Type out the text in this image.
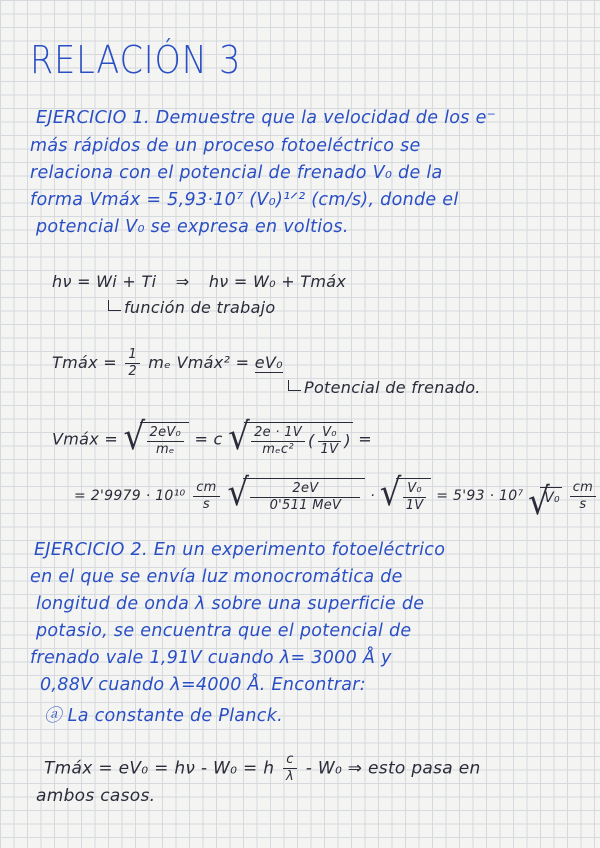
RELACIÓN 3
EJERCICIO 1. Demuestre que la velocidad de los e⁻
más rápidos de un proceso fotoeléctrico se
relaciona con el potencial de frenado V₀ de la
forma Vmáx = 5,93·10⁷ (V₀)¹ᐟ² (cm/s), donde el
potencial V₀ se expresa en voltios.
hν = Wi + Ti ⇒ hν = W₀ + Tmáx
función de trabajo
Tmáx = $\frac{1}{2}$ mₑ Vmáx² = eV₀
Potencial de frenado.
Vmáx = √ $\frac{\text{2eV₀}}{\text{mₑ}} = c$ √ $\frac{2e \cdot 1V}{\text{mₑc²}}$ ( $\frac{\text{V₀}}{1V}$ ) =
= $2'9979 \cdot 10^{10} \frac{cm}{s}$
√ $\frac{2eV}{\text{0'511 MeV}}$ · √ $\frac{\text{V₀}}{1V} = 5'93 \cdot 10^7$ √ $V_0 \frac{cm}{s}$
EJERCICIO 2. En un experimento fotoeléctrico
en el que se envía luz monocromática de
longitud de onda λ sobre una superficie de
potasio, se encuentra que el potencial de
frenado vale 1,91V cuando λ= 3000 Å y
0,88V cuando λ=4000 Å. Encontrar:
ⓐ La constante de Planck.
Tmáx = eV₀ = hν - W₀ = h $\frac{c}{\lambda} - W_0$ ⇒ esto pasa en
ambos casos.
